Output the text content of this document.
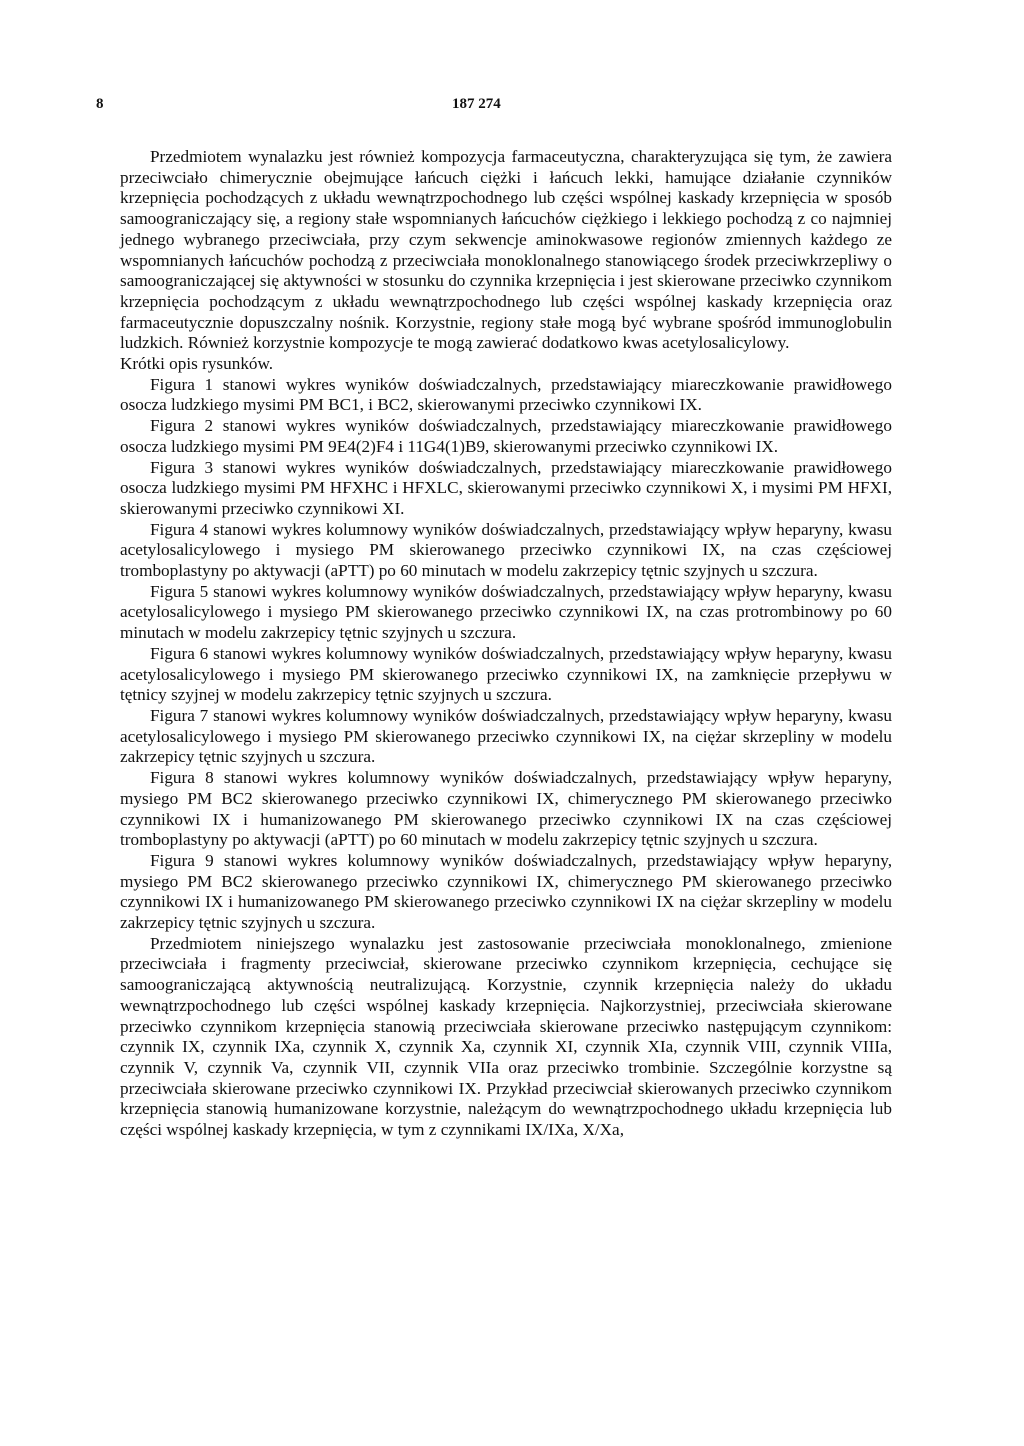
8	187 274

Przedmiotem wynalazku jest również kompozycja farmaceutyczna, charakteryzująca się tym, że zawiera przeciwciało chimerycznie obejmujące łańcuch ciężki i łańcuch lekki, hamujące działanie czynników krzepnięcia pochodzących z układu wewnątrzpochodnego lub części wspólnej kaskady krzepnięcia w sposób samoograniczający się, a regiony stałe wspomnianych łańcuchów ciężkiego i lekkiego pochodzą z co najmniej jednego wybranego przeciwciała, przy czym sekwencje aminokwasowe regionów zmiennych każdego ze wspomnianych łańcuchów pochodzą z przeciwciała monoklonalnego stanowiącego środek przeciwkrzepliwy o samoograniczającej się aktywności w stosunku do czynnika krzepnięcia i jest skierowane przeciwko czynnikom krzepnięcia pochodzącym z układu wewnątrzpochodnego lub części wspólnej kaskady krzepnięcia oraz farmaceutycznie dopuszczalny nośnik. Korzystnie, regiony stałe mogą być wybrane spośród immunoglobulin ludzkich. Również korzystnie kompozycje te mogą zawierać dodatkowo kwas acetylosalicylowy.

Krótki opis rysunków.

Figura 1 stanowi wykres wyników doświadczalnych, przedstawiający miareczkowanie prawidłowego osocza ludzkiego mysimi PM BC1, i BC2, skierowanymi przeciwko czynnikowi IX.

Figura 2 stanowi wykres wyników doświadczalnych, przedstawiający miareczkowanie prawidłowego osocza ludzkiego mysimi PM 9E4(2)F4 i 11G4(1)B9, skierowanymi przeciwko czynnikowi IX.

Figura 3 stanowi wykres wyników doświadczalnych, przedstawiający miareczkowanie prawidłowego osocza ludzkiego mysimi PM HFXHC i HFXLC, skierowanymi przeciwko czynnikowi X, i mysimi PM HFXI, skierowanymi przeciwko czynnikowi XI.

Figura 4 stanowi wykres kolumnowy wyników doświadczalnych, przedstawiający wpływ heparyny, kwasu acetylosalicylowego i mysiego PM skierowanego przeciwko czynnikowi IX, na czas częściowej tromboplastyny po aktywacji (aPTT) po 60 minutach w modelu zakrzepicy tętnic szyjnych u szczura.

Figura 5 stanowi wykres kolumnowy wyników doświadczalnych, przedstawiający wpływ heparyny, kwasu acetylosalicylowego i mysiego PM skierowanego przeciwko czynnikowi IX, na czas protrombinowy po 60 minutach w modelu zakrzepicy tętnic szyjnych u szczura.

Figura 6 stanowi wykres kolumnowy wyników doświadczalnych, przedstawiający wpływ heparyny, kwasu acetylosalicylowego i mysiego PM skierowanego przeciwko czynnikowi IX, na zamknięcie przepływu w tętnicy szyjnej w modelu zakrzepicy tętnic szyjnych u szczura.

Figura 7 stanowi wykres kolumnowy wyników doświadczalnych, przedstawiający wpływ heparyny, kwasu acetylosalicylowego i mysiego PM skierowanego przeciwko czynnikowi IX, na ciężar skrzepliny w modelu zakrzepicy tętnic szyjnych u szczura.

Figura 8 stanowi wykres kolumnowy wyników doświadczalnych, przedstawiający wpływ heparyny, mysiego PM BC2 skierowanego przeciwko czynnikowi IX, chimerycznego PM skierowanego przeciwko czynnikowi IX i humanizowanego PM skierowanego przeciwko czynnikowi IX na czas częściowej tromboplastyny po aktywacji (aPTT) po 60 minutach w modelu zakrzepicy tętnic szyjnych u szczura.

Figura 9 stanowi wykres kolumnowy wyników doświadczalnych, przedstawiający wpływ heparyny, mysiego PM BC2 skierowanego przeciwko czynnikowi IX, chimerycznego PM skierowanego przeciwko czynnikowi IX i humanizowanego PM skierowanego przeciwko czynnikowi IX na ciężar skrzepliny w modelu zakrzepicy tętnic szyjnych u szczura.

Przedmiotem niniejszego wynalazku jest zastosowanie przeciwciała monoklonalnego, zmienione przeciwciała i fragmenty przeciwciał, skierowane przeciwko czynnikom krzepnięcia, cechujące się samoograniczającą aktywnością neutralizującą. Korzystnie, czynnik krzepnięcia należy do układu wewnątrzpochodnego lub części wspólnej kaskady krzepnięcia. Najkorzystniej, przeciwciała skierowane przeciwko czynnikom krzepnięcia stanowią przeciwciała skierowane przeciwko następującym czynnikom: czynnik IX, czynnik IXa, czynnik X, czynnik Xa, czynnik XI, czynnik XIa, czynnik VIII, czynnik VIIIa, czynnik V, czynnik Va, czynnik VII, czynnik VIIa oraz przeciwko trombinie. Szczególnie korzystne są przeciwciała skierowane przeciwko czynnikowi IX. Przykład przeciwciał skierowanych przeciwko czynnikom krzepnięcia stanowią humanizowane korzystnie, należącym do wewnątrzpochodnego układu krzepnięcia lub części wspólnej kaskady krzepnięcia, w tym z czynnikami IX/IXa, X/Xa,
